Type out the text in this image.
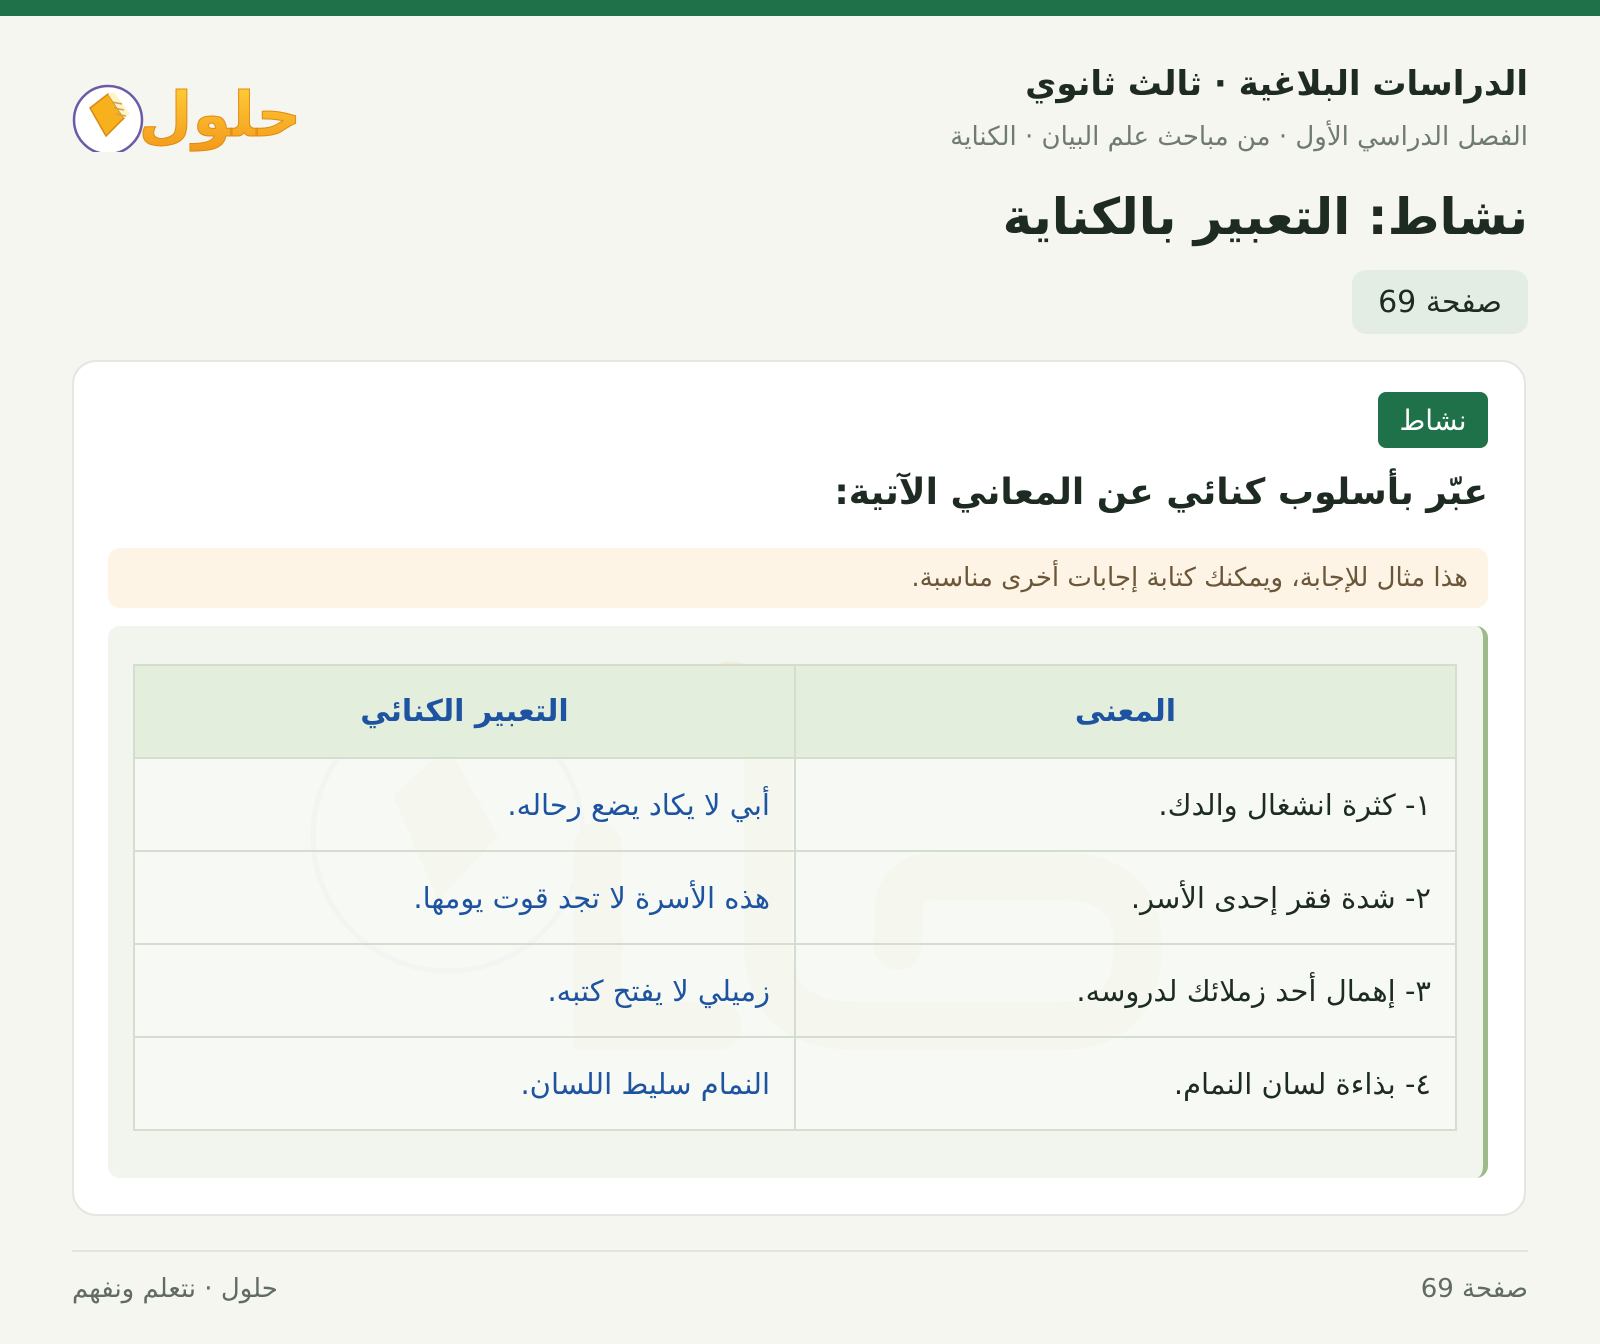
الدراسات البلاغية · ثالث ثانوي
الفصل الدراسي الأول · من مباحث علم البيان · الكناية
حلول
نشاط: التعبير بالكناية
صفحة 69
نشاط
عبّر بأسلوب كنائي عن المعاني الآتية:
هذا مثال للإجابة، ويمكنك كتابة إجابات أخرى مناسبة.
المعنى	التعبير الكنائي
١- كثرة انشغال والدك.	أبي لا يكاد يضع رحاله.
٢- شدة فقر إحدى الأسر.	هذه الأسرة لا تجد قوت يومها.
٣- إهمال أحد زملائك لدروسه.	زميلي لا يفتح كتبه.
٤- بذاءة لسان النمام.	النمام سليط اللسان.
حلول · نتعلم ونفهم	صفحة 69
